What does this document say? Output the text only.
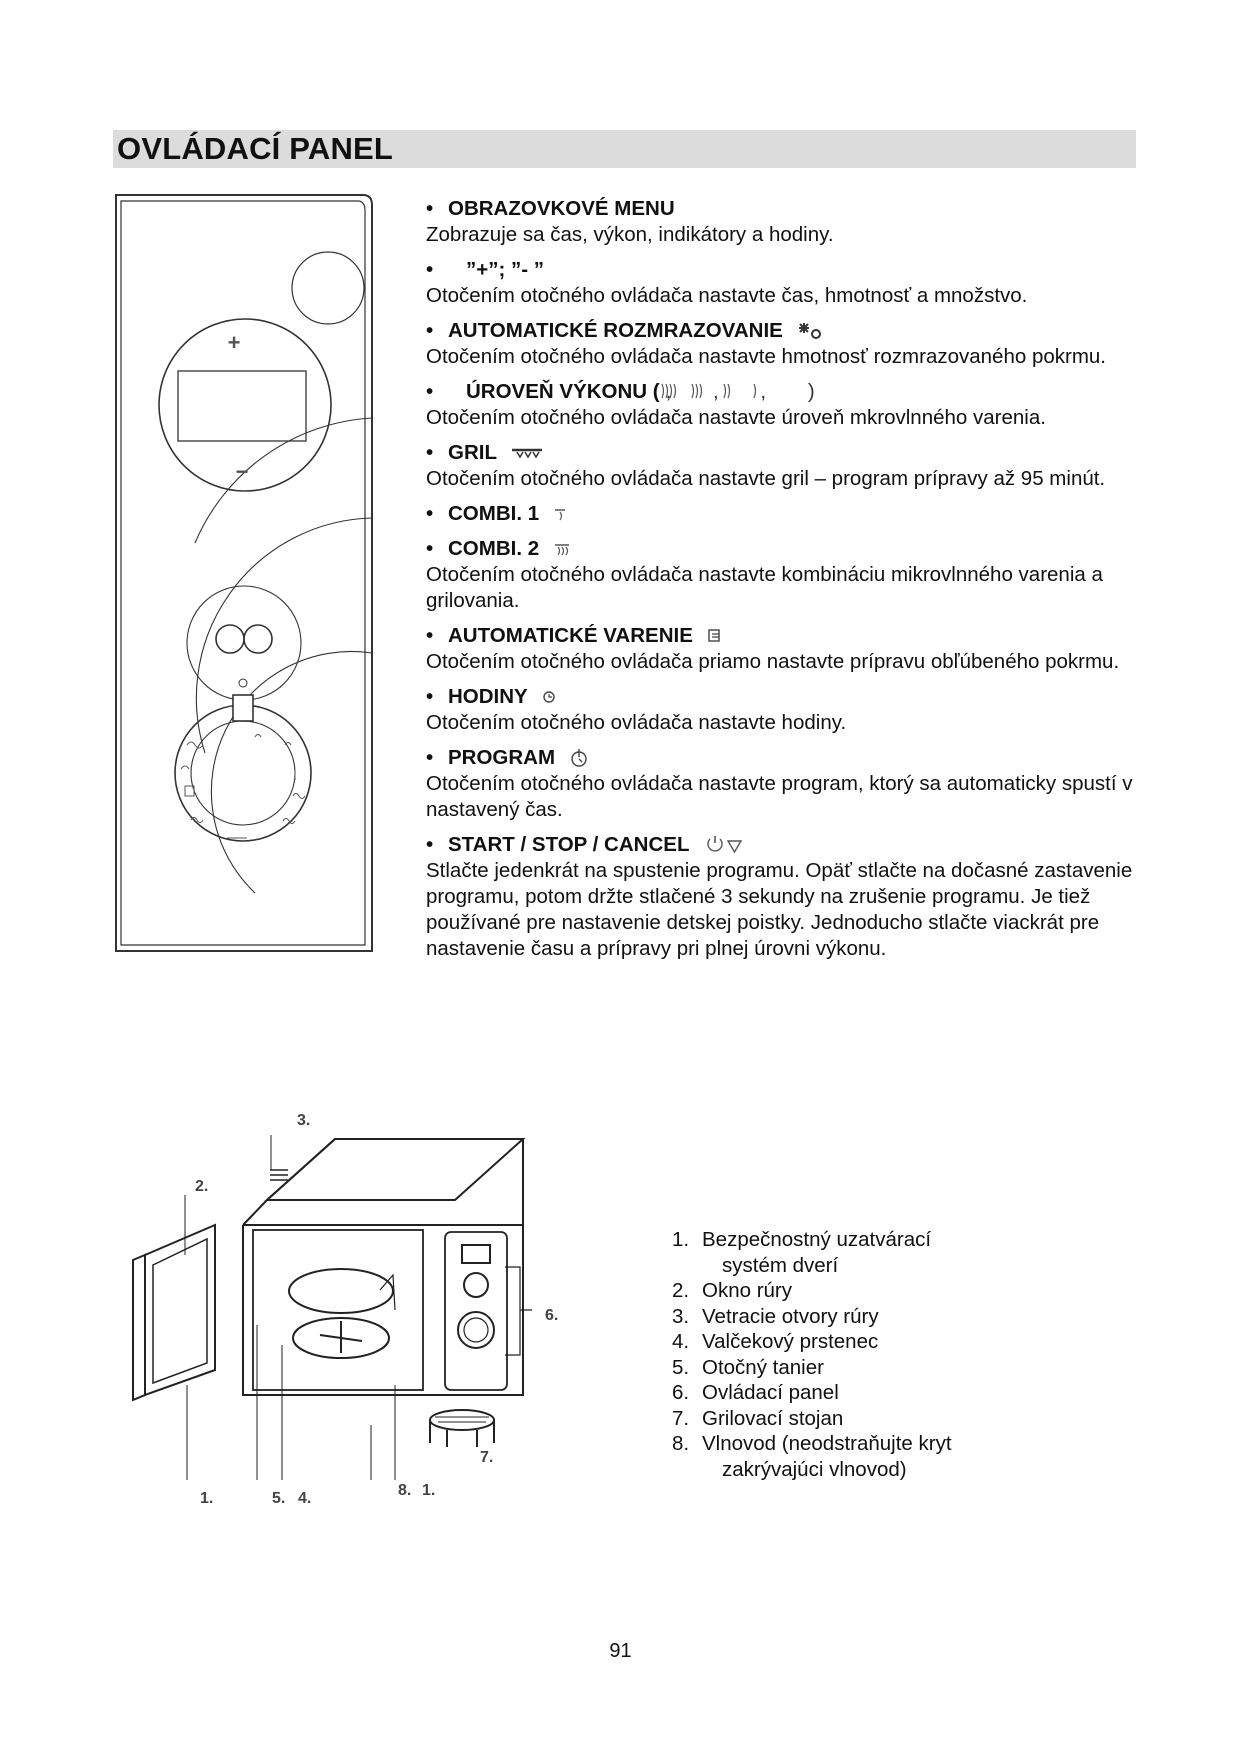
OVLÁDACÍ PANEL
+
−
• OBRAZOVKOVÉ MENU
Zobrazuje sa čas, výkon, indikátory a hodiny.
•	”+”; ”- ”
Otočením otočného ovládača nastavte čas, hmotnosť a množstvo.
• AUTOMATICKÉ ROZMRAZOVANIE
Otočením otočného ovládača nastavte hmotnosť rozmrazovaného pokrmu.
•	ÚROVEŇ VÝKONU ( , , , )
Otočením otočného ovládača nastavte úroveň mkrovlnného varenia.
• GRIL
Otočením otočného ovládača nastavte gril – program prípravy až 95 minút.
• COMBI. 1
• COMBI. 2
Otočením otočného ovládača nastavte kombináciu mikrovlnného varenia a grilovania.
• AUTOMATICKÉ VARENIE
Otočením otočného ovládača priamo nastavte prípravu obľúbeného pokrmu.
• HODINY
Otočením otočného ovládača nastavte hodiny.
• PROGRAM
Otočením otočného ovládača nastavte program, ktorý sa automaticky spustí v nastavený čas.
• START / STOP / CANCEL
Stlačte jedenkrát na spustenie programu. Opäť stlačte na dočasné zastavenie programu, potom držte stlačené 3 sekundy na zrušenie programu. Je tiež používané pre nastavenie detskej poistky. Jednoducho stlačte viackrát pre nastavenie času a prípravy pri plnej úrovni výkonu.
3.
2.
6.
1.	5. 4.	8. 1.
7.
1. Bezpečnostný uzatvárací
systém dverí
2. Okno rúry
3. Vetracie otvory rúry
4. Valčekový prstenec
5. Otočný tanier
6. Ovládací panel
7. Grilovací stojan
8. Vlnovod (neodstraňujte kryt
zakrývajúci vlnovod)
91
